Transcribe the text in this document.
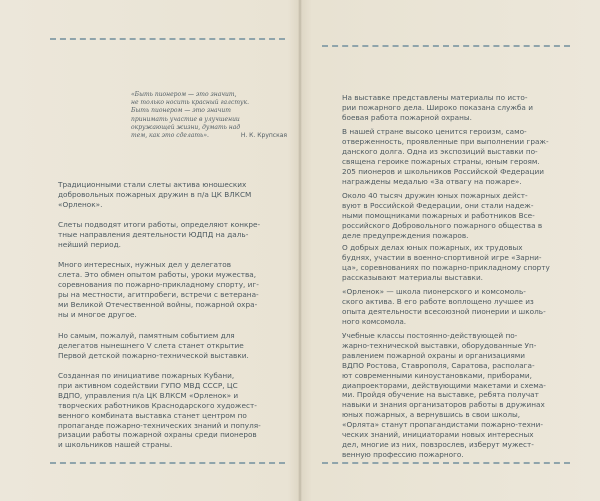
«Быть пионером — это значит,
не только носить красный галстук.
Быть пионером — это значит
принимать участие в улучшении
окружающей жизни, думать над
тем, как это сделать».	Н. К. Крупская
Традиционными стали слеты актива юношеских
добровольных пожарных дружин в п/а ЦК ВЛКСМ
«Орленок».
Слеты подводят итоги работы, определяют конкре-
тные направления деятельности ЮДПД на даль-
нейший период.
Много интересных, нужных дел у делегатов
слета. Это обмен опытом работы, уроки мужества,
соревнования по пожарно-прикладному спорту, иг-
ры на местности, агитпробеги, встречи с ветерана-
ми Великой Отечественной войны, пожарной охра-
ны и многое другое.
Но самым, пожалуй, памятным событием для
делегатов нынешнего V слета станет открытие
Первой детской пожарно-технической выставки.
Созданная по инициативе пожарных Кубани,
при активном содействии ГУПО МВД СССР, ЦС
ВДПО, управления п/а ЦК ВЛКСМ «Орленок» и
творческих работников Краснодарского художест-
венного комбината выставка станет центром по
пропаганде пожарно-технических знаний и популя-
ризации работы пожарной охраны среди пионеров
и школьников нашей страны.
На выставке представлены материалы по исто-
рии пожарного дела. Широко показана служба и
боевая работа пожарной охраны.
В нашей стране высоко ценится героизм, само-
отверженность, проявленные при выполнении граж-
данского долга. Одна из экспозиций выставки по-
священа героике пожарных страны, юным героям.
205 пионеров и школьников Российской Федерации
награждены медалью «За отвагу на пожаре».
Около 40 тысяч дружин юных пожарных дейст-
вуют в Российской Федерации, они стали надеж-
ными помощниками пожарных и работников Все-
российского Добровольного пожарного общества в
деле предупреждения пожаров.
О добрых делах юных пожарных, их трудовых
буднях, участии в военно-спортивной игре «Зарни-
ца», соревнованиях по пожарно-прикладному спорту
рассказывают материалы выставки.
«Орленок» — школа пионерского и комсомоль-
ского актива. В его работе воплощено лучшее из
опыта деятельности всесоюзной пионерии и школь-
ного комсомола.
Учебные классы постоянно-действующей по-
жарно-технической выставки, оборудованные Уп-
равлением пожарной охраны и организациями
ВДПО Ростова, Ставрополя, Саратова, располага-
ют современными киноустановками, приборами,
диапроекторами, действующими макетами и схема-
ми. Пройдя обучение на выставке, ребята получат
навыки и знания организаторов работы в дружинах
юных пожарных, а вернувшись в свои школы,
«Орлята» станут пропагандистами пожарно-техни-
ческих знаний, инициаторами новых интересных
дел, многие из них, повзрослев, изберут мужест-
венную профессию пожарного.
